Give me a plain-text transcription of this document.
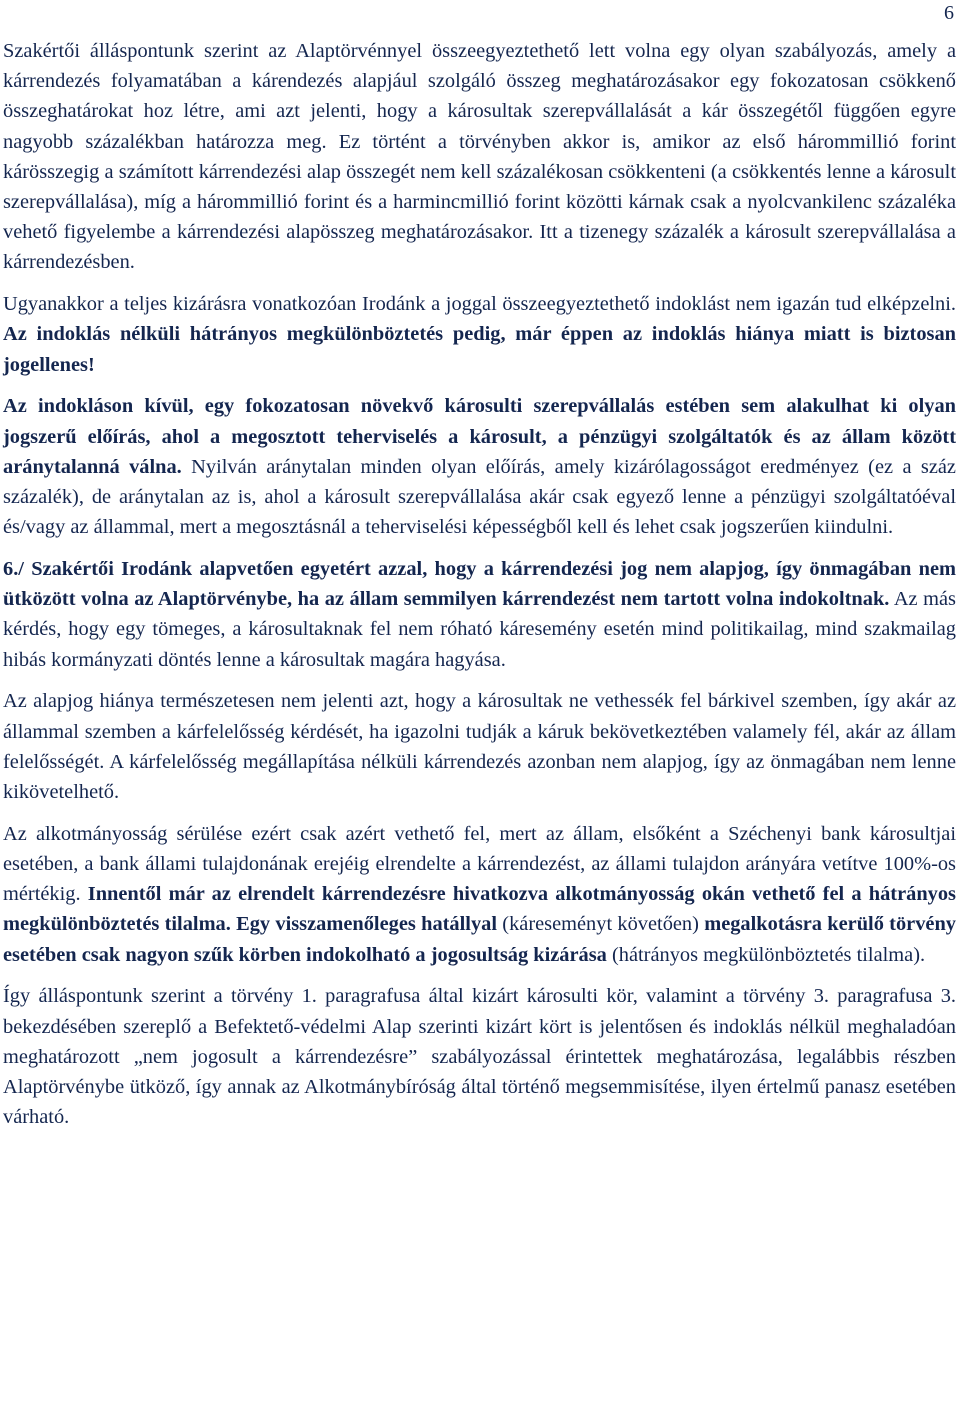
6

Szakértői álláspontunk szerint az Alaptörvénnyel összeegyeztethető lett volna egy olyan szabályozás, amely a kárrendezés folyamatában a kárendezés alapjául szolgáló összeg meghatározásakor egy fokozatosan csökkenő összeghatárokat hoz létre, ami azt jelenti, hogy a károsultak szerepvállalását a kár összegétől függően egyre nagyobb százalékban határozza meg. Ez történt a törvényben akkor is, amikor az első hárommillió forint kárösszegig a számított kárrendezési alap összegét nem kell százalékosan csökkenteni (a csökkentés lenne a károsult szerepvállalása), míg a hárommillió forint és a harmincmillió forint közötti kárnak csak a nyolcvankilenc százaléka vehető figyelembe a kárrendezési alapösszeg meghatározásakor. Itt a tizenegy százalék a károsult szerepvállalása a kárrendezésben.

Ugyanakkor a teljes kizárásra vonatkozóan Irodánk a joggal összeegyeztethető indoklást nem igazán tud elképzelni. Az indoklás nélküli hátrányos megkülönböztetés pedig, már éppen az indoklás hiánya miatt is biztosan jogellenes!

Az indokláson kívül, egy fokozatosan növekvő károsulti szerepvállalás estében sem alakulhat ki olyan jogszerű előírás, ahol a megosztott teherviselés a károsult, a pénzügyi szolgáltatók és az állam között aránytalanná válna. Nyilván aránytalan minden olyan előírás, amely kizárólagosságot eredményez (ez a száz százalék), de aránytalan az is, ahol a károsult szerepvállalása akár csak egyező lenne a pénzügyi szolgáltatóéval és/vagy az állammal, mert a megosztásnál a teherviselési képességből kell és lehet csak jogszerűen kiindulni.

6./ Szakértői Irodánk alapvetően egyetért azzal, hogy a kárrendezési jog nem alapjog, így önmagában nem ütközött volna az Alaptörvénybe, ha az állam semmilyen kárrendezést nem tartott volna indokoltnak. Az más kérdés, hogy egy tömeges, a károsultaknak fel nem róható káresemény esetén mind politikailag, mind szakmailag hibás kormányzati döntés lenne a károsultak magára hagyása.

Az alapjog hiánya természetesen nem jelenti azt, hogy a károsultak ne vethessék fel bárkivel szemben, így akár az állammal szemben a kárfelelősség kérdését, ha igazolni tudják a káruk bekövetkeztében valamely fél, akár az állam felelősségét. A kárfelelősség megállapítása nélküli kárrendezés azonban nem alapjog, így az önmagában nem lenne kikövetelhető.

Az alkotmányosság sérülése ezért csak azért vethető fel, mert az állam, elsőként a Széchenyi bank károsultjai esetében, a bank állami tulajdonának erejéig elrendelte a kárrendezést, az állami tulajdon arányára vetítve 100%-os mértékig. Innentől már az elrendelt kárrendezésre hivatkozva alkotmányosság okán vethető fel a hátrányos megkülönböztetés tilalma. Egy visszamenőleges hatállyal (káreseményt követően) megalkotásra kerülő törvény esetében csak nagyon szűk körben indokolható a jogosultság kizárása (hátrányos megkülönböztetés tilalma).

Így álláspontunk szerint a törvény 1. paragrafusa által kizárt károsulti kör, valamint a törvény 3. paragrafusa 3. bekezdésében szereplő a Befektető-védelmi Alap szerinti kizárt kört is jelentősen és indoklás nélkül meghaladóan meghatározott „nem jogosult a kárrendezésre” szabályozással érintettek meghatározása, legalábbis részben Alaptörvénybe ütköző, így annak az Alkotmánybíróság által történő megsemmisítése, ilyen értelmű panasz esetében várható.
